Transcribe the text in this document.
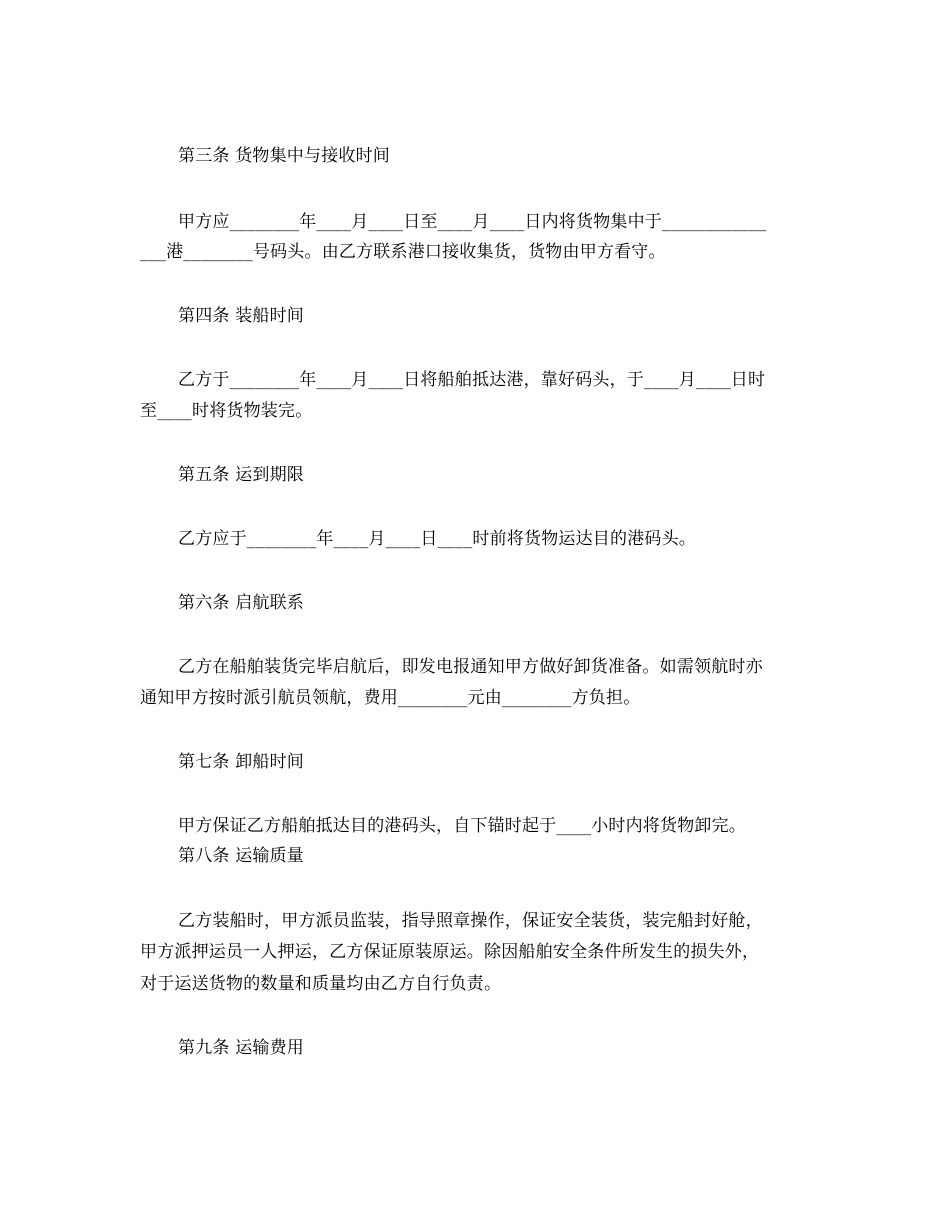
第三条 货物集中与接收时间
甲方应________年____月____日至____月____日内将货物集中于____________
___港________号码头。由乙方联系港口接收集货，货物由甲方看守。
第四条 装船时间
乙方于________年____月____日将船舶抵达港，靠好码头，于____月____日时
至____时将货物装完。
第五条 运到期限
乙方应于________年____月____日____时前将货物运达目的港码头。
第六条 启航联系
乙方在船舶装货完毕启航后，即发电报通知甲方做好卸货准备。如需领航时亦
通知甲方按时派引航员领航，费用________元由________方负担。
第七条 卸船时间
甲方保证乙方船舶抵达目的港码头，自下锚时起于____小时内将货物卸完。
第八条 运输质量
乙方装船时，甲方派员监装，指导照章操作，保证安全装货，装完船封好舱，
甲方派押运员一人押运，乙方保证原装原运。除因船舶安全条件所发生的损失外，
对于运送货物的数量和质量均由乙方自行负责。
第九条 运输费用
